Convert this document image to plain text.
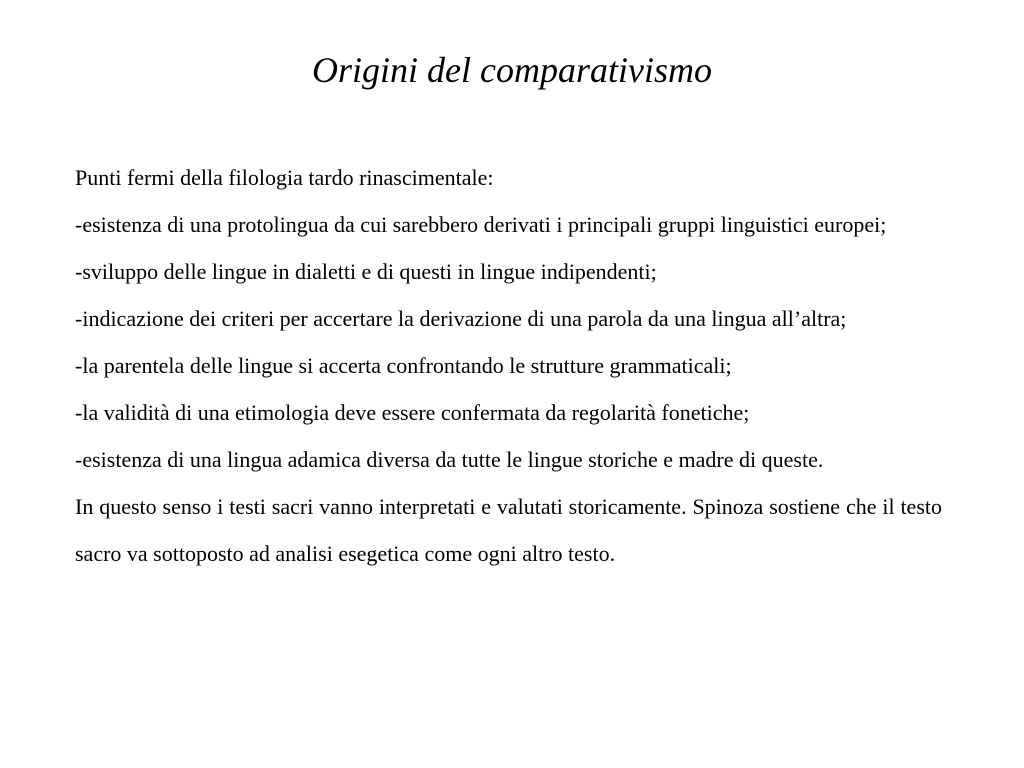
Origini del comparativismo

Punti fermi della filologia tardo rinascimentale:

-esistenza di una protolingua da cui sarebbero derivati i principali gruppi linguistici europei;

-sviluppo delle lingue in dialetti e di questi in lingue indipendenti;

-indicazione dei criteri per accertare la derivazione di una parola da una lingua all’altra;

-la parentela delle lingue si accerta confrontando le strutture grammaticali;

-la validità di una etimologia deve essere confermata da regolarità fonetiche;

-esistenza di una lingua adamica diversa da tutte le lingue storiche e madre di queste.

In questo senso i testi sacri vanno interpretati e valutati storicamente. Spinoza sostiene che il testo sacro va sottoposto ad analisi esegetica come ogni altro testo.
